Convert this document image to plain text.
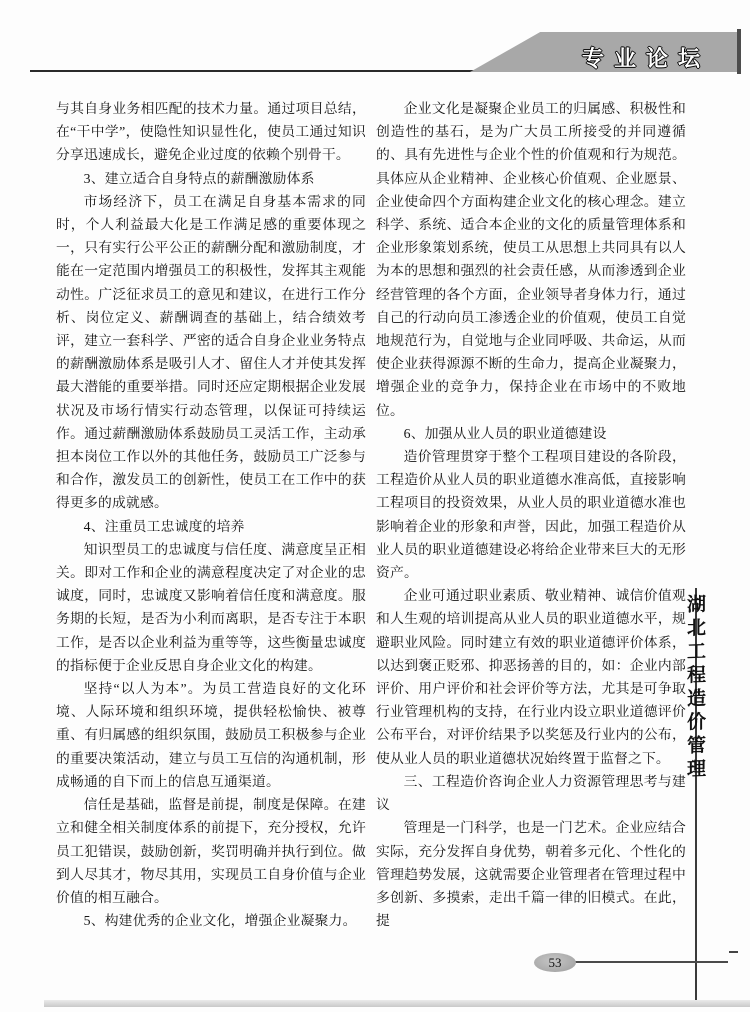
专业论坛

与其自身业务相匹配的技术力量。通过项目总结，在“干中学”，使隐性知识显性化，使员工通过知识分享迅速成长，避免企业过度的依赖个别骨干。

3、建立适合自身特点的薪酬激励体系

市场经济下，员工在满足自身基本需求的同时，个人利益最大化是工作满足感的重要体现之一，只有实行公平公正的薪酬分配和激励制度，才能在一定范围内增强员工的积极性，发挥其主观能动性。广泛征求员工的意见和建议，在进行工作分析、岗位定义、薪酬调查的基础上，结合绩效考评，建立一套科学、严密的适合自身企业业务特点的薪酬激励体系是吸引人才、留住人才并使其发挥最大潜能的重要举措。同时还应定期根据企业发展状况及市场行情实行动态管理，以保证可持续运作。通过薪酬激励体系鼓励员工灵活工作，主动承担本岗位工作以外的其他任务，鼓励员工广泛参与和合作，激发员工的创新性，使员工在工作中的获得更多的成就感。

4、注重员工忠诚度的培养

知识型员工的忠诚度与信任度、满意度呈正相关。即对工作和企业的满意程度决定了对企业的忠诚度，同时，忠诚度又影响着信任度和满意度。服务期的长短，是否为小利而离职，是否专注于本职工作，是否以企业利益为重等等，这些衡量忠诚度的指标便于企业反思自身企业文化的构建。

坚持“以人为本”。为员工营造良好的文化环境、人际环境和组织环境，提供轻松愉快、被尊重、有归属感的组织氛围，鼓励员工积极参与企业的重要决策活动，建立与员工互信的沟通机制，形成畅通的自下而上的信息互通渠道。

信任是基础，监督是前提，制度是保障。在建立和健全相关制度体系的前提下，充分授权，允许员工犯错误，鼓励创新，奖罚明确并执行到位。做到人尽其才，物尽其用，实现员工自身价值与企业价值的相互融合。

5、构建优秀的企业文化，增强企业凝聚力。

企业文化是凝聚企业员工的归属感、积极性和创造性的基石，是为广大员工所接受的并同遵循的、具有先进性与企业个性的价值观和行为规范。具体应从企业精神、企业核心价值观、企业愿景、企业使命四个方面构建企业文化的核心理念。建立科学、系统、适合本企业的文化的质量管理体系和企业形象策划系统，使员工从思想上共同具有以人为本的思想和强烈的社会责任感，从而渗透到企业经营管理的各个方面，企业领导者身体力行，通过自己的行动向员工渗透企业的价值观，使员工自觉地规范行为，自觉地与企业同呼吸、共命运，从而使企业获得源源不断的生命力，提高企业凝聚力，增强企业的竞争力，保持企业在市场中的不败地位。

6、加强从业人员的职业道德建设

造价管理贯穿于整个工程项目建设的各阶段，工程造价从业人员的职业道德水准高低，直接影响工程项目的投资效果，从业人员的职业道德水准也影响着企业的形象和声誉，因此，加强工程造价从业人员的职业道德建设必将给企业带来巨大的无形资产。

企业可通过职业素质、敬业精神、诚信价值观和人生观的培训提高从业人员的职业道德水平，规避职业风险。同时建立有效的职业道德评价体系，以达到褒正贬邪、抑恶扬善的目的，如：企业内部评价、用户评价和社会评价等方法，尤其是可争取行业管理机构的支持，在行业内设立职业道德评价公布平台，对评价结果予以奖惩及行业内的公布，使从业人员的职业道德状况始终置于监督之下。

三、工程造价咨询企业人力资源管理思考与建议

管理是一门科学，也是一门艺术。企业应结合实际，充分发挥自身优势，朝着多元化、个性化的管理趋势发展，这就需要企业管理者在管理过程中多创新、多摸索，走出千篇一律的旧模式。在此，提

湖北工程造价管理
53
